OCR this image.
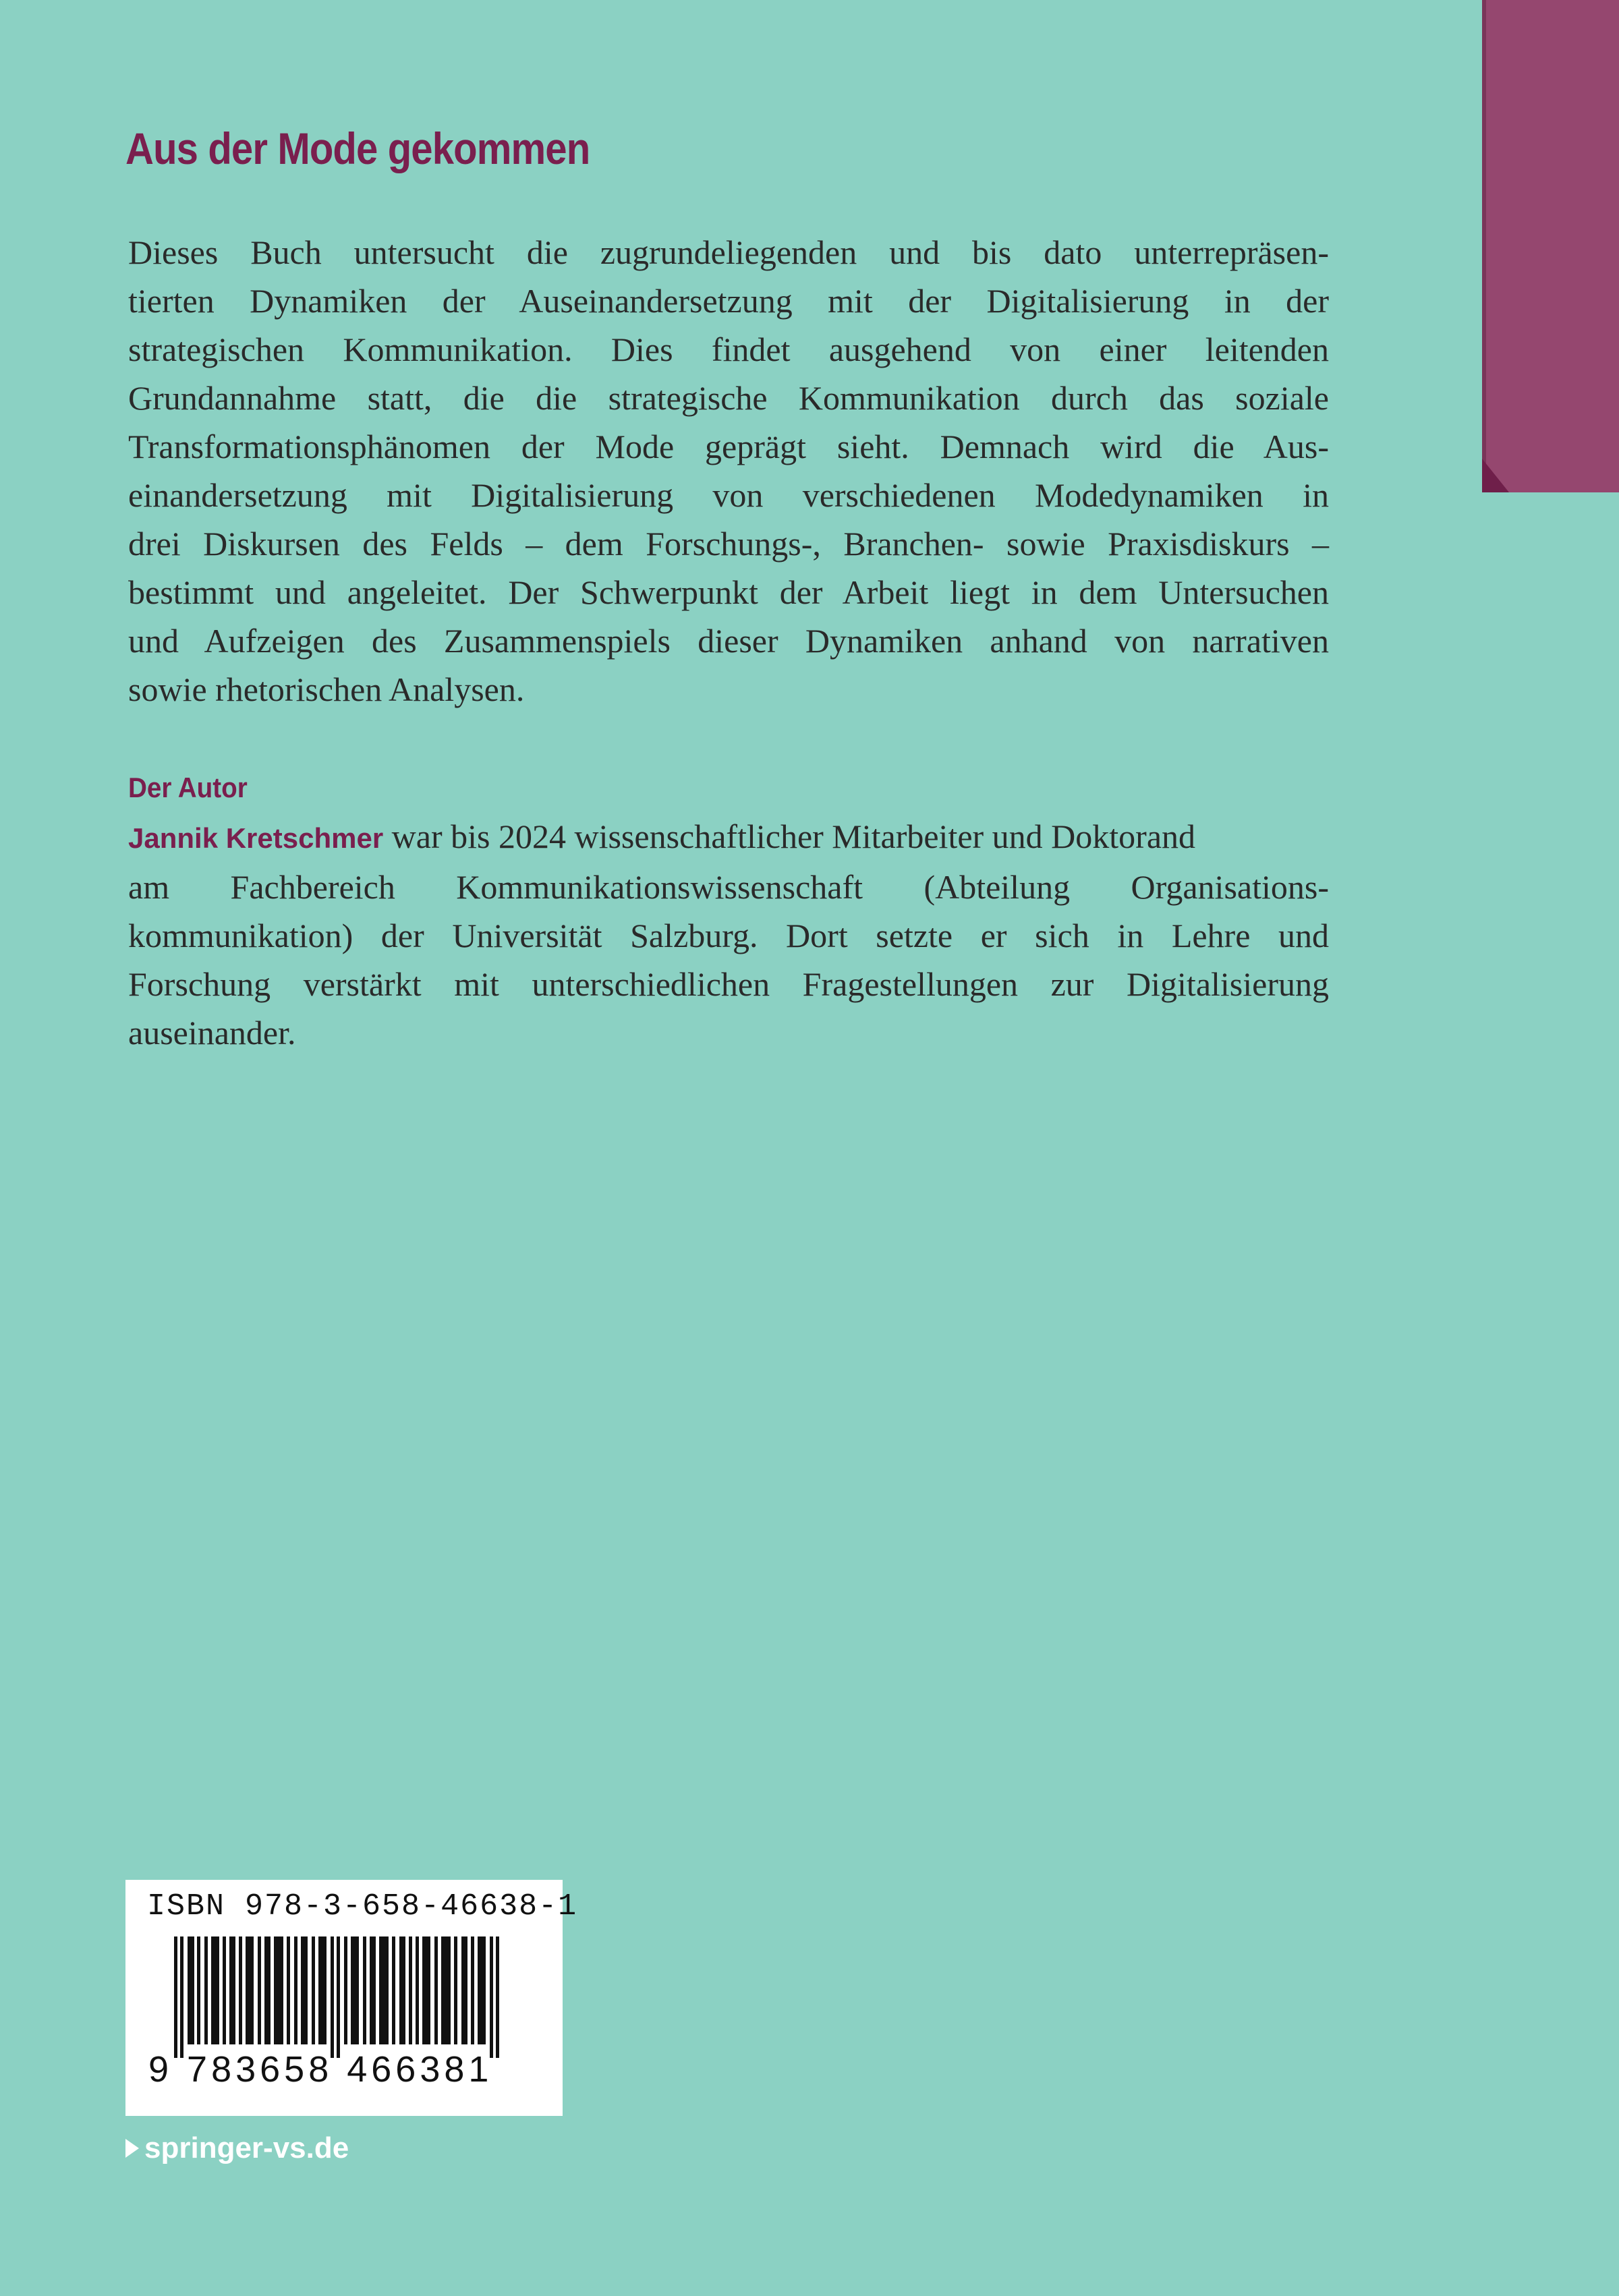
Aus der Mode gekommen
Dieses Buch untersucht die zugrundeliegenden und bis dato unterrepräsen-
tierten Dynamiken der Auseinandersetzung mit der Digitalisierung in der
strategischen Kommunikation. Dies findet ausgehend von einer leitenden
Grundannahme statt, die die strategische Kommunikation durch das soziale
Transformationsphänomen der Mode geprägt sieht. Demnach wird die Aus-
einandersetzung mit Digitalisierung von verschiedenen Modedynamiken in
drei Diskursen des Felds – dem Forschungs-, Branchen- sowie Praxisdiskurs –
bestimmt und angeleitet. Der Schwerpunkt der Arbeit liegt in dem Untersuchen
und Aufzeigen des Zusammenspiels dieser Dynamiken anhand von narrativen
sowie rhetorischen Analysen.
Der Autor
Jannik Kretschmer war bis 2024 wissenschaftlicher Mitarbeiter und Doktorand
am Fachbereich Kommunikationswissenschaft (Abteilung Organisations-
kommunikation) der Universität Salzburg. Dort setzte er sich in Lehre und
Forschung verstärkt mit unterschiedlichen Fragestellungen zur Digitalisierung
auseinander.
ISBN 978-3-658-46638-1
9 783658 466381
springer-vs.de
